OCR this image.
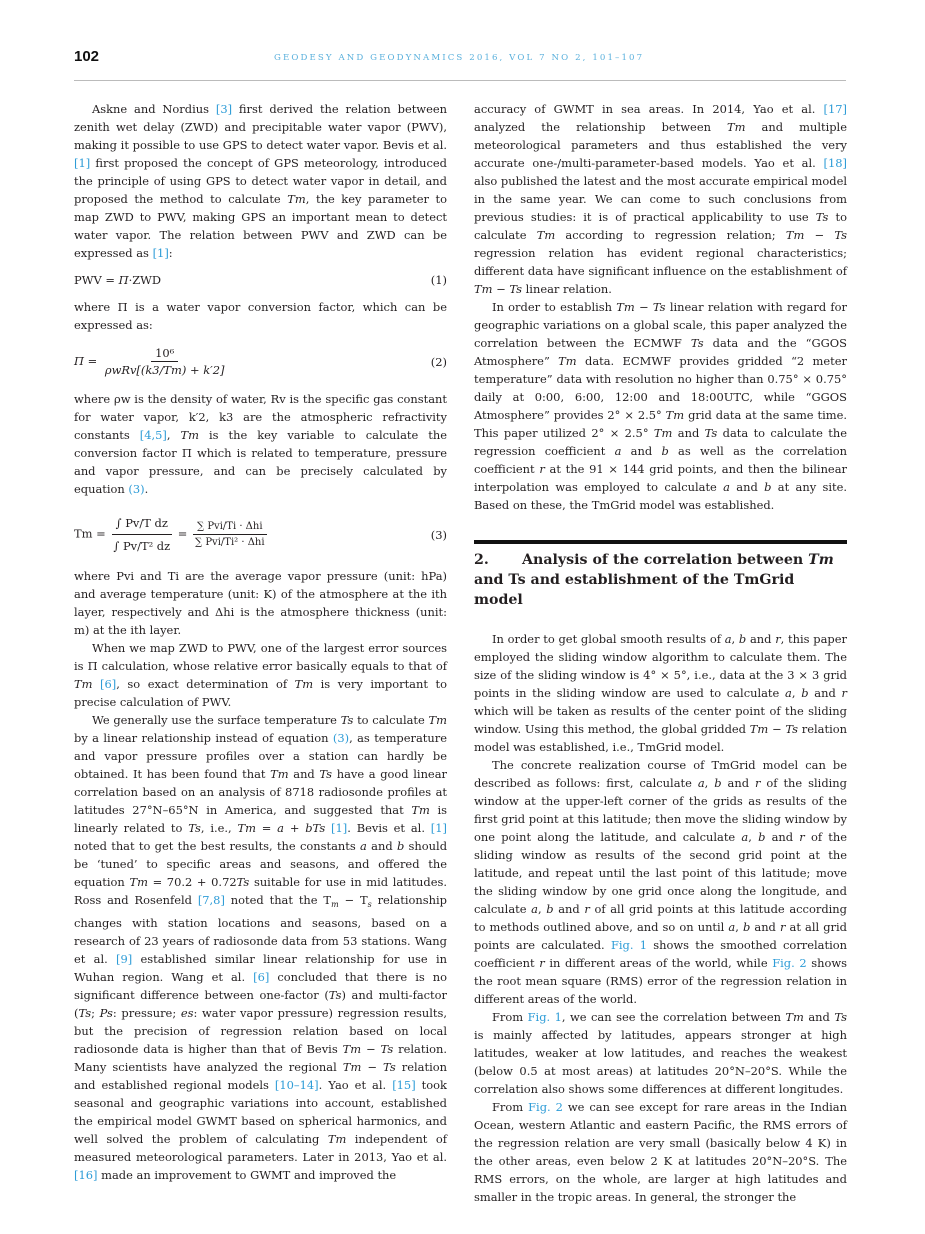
102	GEODESY AND GEODYNAMICS 2016, VOL 7 NO 2, 101–107

Askne and Nordius [3] first derived the relation between zenith wet delay (ZWD) and precipitable water vapor (PWV), making it possible to use GPS to detect water vapor. Bevis et al. [1] first proposed the concept of GPS meteorology, introduced the principle of using GPS to detect water vapor in detail, and proposed the method to calculate Tm, the key parameter to map ZWD to PWV, making GPS an important mean to detect water vapor. The relation between PWV and ZWD can be expressed as [1]:

PWV = Π·ZWD	(1)

where Π is a water vapor conversion factor, which can be expressed as:

$\Pi = \frac{\text{10⁶}}{\text{ρwRv[(k3/Tm) + k′2]}}$	(2)

where ρw is the density of water, Rv is the specific gas constant for water vapor, k′2, k3 are the atmospheric refractivity constants [4,5], Tm is the key variable to calculate the conversion factor Π which is related to temperature, pressure and vapor pressure, and can be precisely calculated by equation (3).

$Tm = \frac{\text{∫ Pv/T dz}}{\text{∫ Pv/T² dz}} = \frac{\text{∑ Pvi/Ti · Δhi}}{\text{∑ Pvi/Ti² · Δhi}}$	(3)

where Pvi and Ti are the average vapor pressure (unit: hPa) and average temperature (unit: K) of the atmosphere at the ith layer, respectively and Δhi is the atmosphere thickness (unit: m) at the ith layer.

When we map ZWD to PWV, one of the largest error sources is Π calculation, whose relative error basically equals to that of Tm [6], so exact determination of Tm is very important to precise calculation of PWV.

We generally use the surface temperature Ts to calculate Tm by a linear relationship instead of equation (3), as temperature and vapor pressure profiles over a station can hardly be obtained. It has been found that Tm and Ts have a good linear correlation based on an analysis of 8718 radiosonde profiles at latitudes 27°N–65°N in America, and suggested that Tm is linearly related to Ts, i.e., Tm = a + bTs [1]. Bevis et al. [1] noted that to get the best results, the constants a and b should be ‘tuned’ to specific areas and seasons, and offered the equation Tm = 70.2 + 0.72Ts suitable for use in mid latitudes. Ross and Rosenfeld [7,8] noted that the $T_m - T_s$ relationship changes with station locations and seasons, based on a research of 23 years of radiosonde data from 53 stations. Wang et al. [9] established similar linear relationship for use in Wuhan region. Wang et al. [6] concluded that there is no significant difference between one-factor (Ts) and multi-factor (Ts; Ps: pressure; es: water vapor pressure) regression results, but the precision of regression relation based on local radiosonde data is higher than that of Bevis Tm − Ts relation. Many scientists have analyzed the regional Tm − Ts relation and established regional models [10–14]. Yao et al. [15] took seasonal and geographic variations into account, established the empirical model GWMT based on spherical harmonics, and well solved the problem of calculating Tm independent of measured meteorological parameters. Later in 2013, Yao et al. [16] made an improvement to GWMT and improved the

accuracy of GWMT in sea areas. In 2014, Yao et al. [17] analyzed the relationship between Tm and multiple meteorological parameters and thus established the very accurate one-/multi-parameter-based models. Yao et al. [18] also published the latest and the most accurate empirical model in the same year. We can come to such conclusions from previous studies: it is of practical applicability to use Ts to calculate Tm according to regression relation; Tm − Ts regression relation has evident regional characteristics; different data have significant influence on the establishment of Tm − Ts linear relation.

In order to establish Tm − Ts linear relation with regard for geographic variations on a global scale, this paper analyzed the correlation between the ECMWF Ts data and the “GGOS Atmosphere” Tm data. ECMWF provides gridded “2 meter temperature” data with resolution no higher than 0.75° × 0.75° daily at 0:00, 6:00, 12:00 and 18:00UTC, while “GGOS Atmosphere” provides 2° × 2.5° Tm grid data at the same time. This paper utilized 2° × 2.5° Tm and Ts data to calculate the regression coefficient a and b as well as the correlation coefficient r at the 91 × 144 grid points, and then the bilinear interpolation was employed to calculate a and b at any site. Based on these, the TmGrid model was established.

2. Analysis of the correlation between Tm and Ts and establishment of the TmGrid model

In order to get global smooth results of a, b and r, this paper employed the sliding window algorithm to calculate them. The size of the sliding window is 4° × 5°, i.e., data at the 3 × 3 grid points in the sliding window are used to calculate a, b and r which will be taken as results of the center point of the sliding window. Using this method, the global gridded Tm − Ts relation model was established, i.e., TmGrid model.

The concrete realization course of TmGrid model can be described as follows: first, calculate a, b and r of the sliding window at the upper-left corner of the grids as results of the first grid point at this latitude; then move the sliding window by one point along the latitude, and calculate a, b and r of the sliding window as results of the second grid point at the latitude, and repeat until the last point of this latitude; move the sliding window by one grid once along the longitude, and calculate a, b and r of all grid points at this latitude according to methods outlined above, and so on until a, b and r at all grid points are calculated. Fig. 1 shows the smoothed correlation coefficient r in different areas of the world, while Fig. 2 shows the root mean square (RMS) error of the regression relation in different areas of the world.

From Fig. 1, we can see the correlation between Tm and Ts is mainly affected by latitudes, appears stronger at high latitudes, weaker at low latitudes, and reaches the weakest (below 0.5 at most areas) at latitudes 20°N–20°S. While the correlation also shows some differences at different longitudes.

From Fig. 2 we can see except for rare areas in the Indian Ocean, western Atlantic and eastern Pacific, the RMS errors of the regression relation are very small (basically below 4 K) in the other areas, even below 2 K at latitudes 20°N–20°S. The RMS errors, on the whole, are larger at high latitudes and smaller in the tropic areas. In general, the stronger the
